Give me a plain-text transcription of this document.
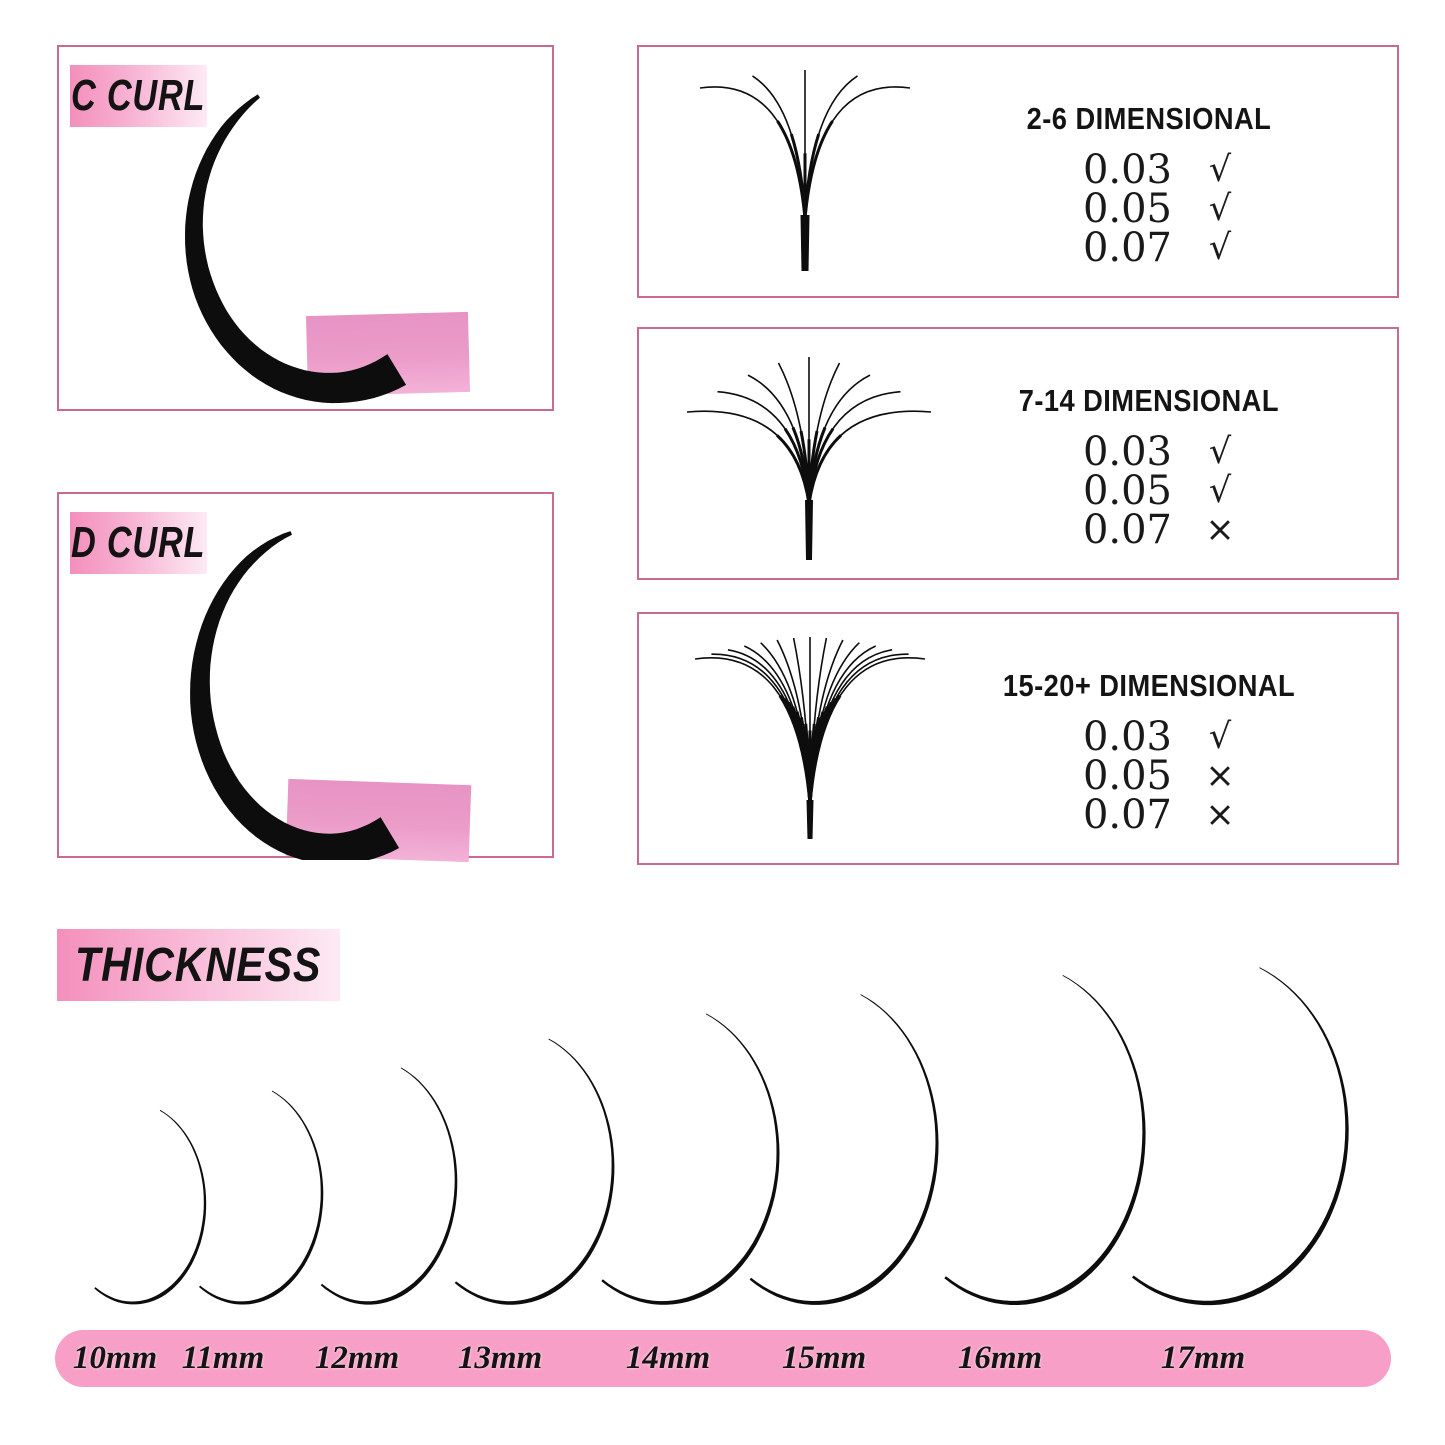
C CURL
D CURL
2-6 DIMENSIONAL
0.03	√
0.05	√
0.07	√
7-14 DIMENSIONAL
0.03	√
0.05	√
0.07 ×
15-20+ DIMENSIONAL
0.03	√
0.05 ×
0.07 ×
THICKNESS
10mm 11mm 12mm 13mm	14mm 15mm	16mm	17mm
